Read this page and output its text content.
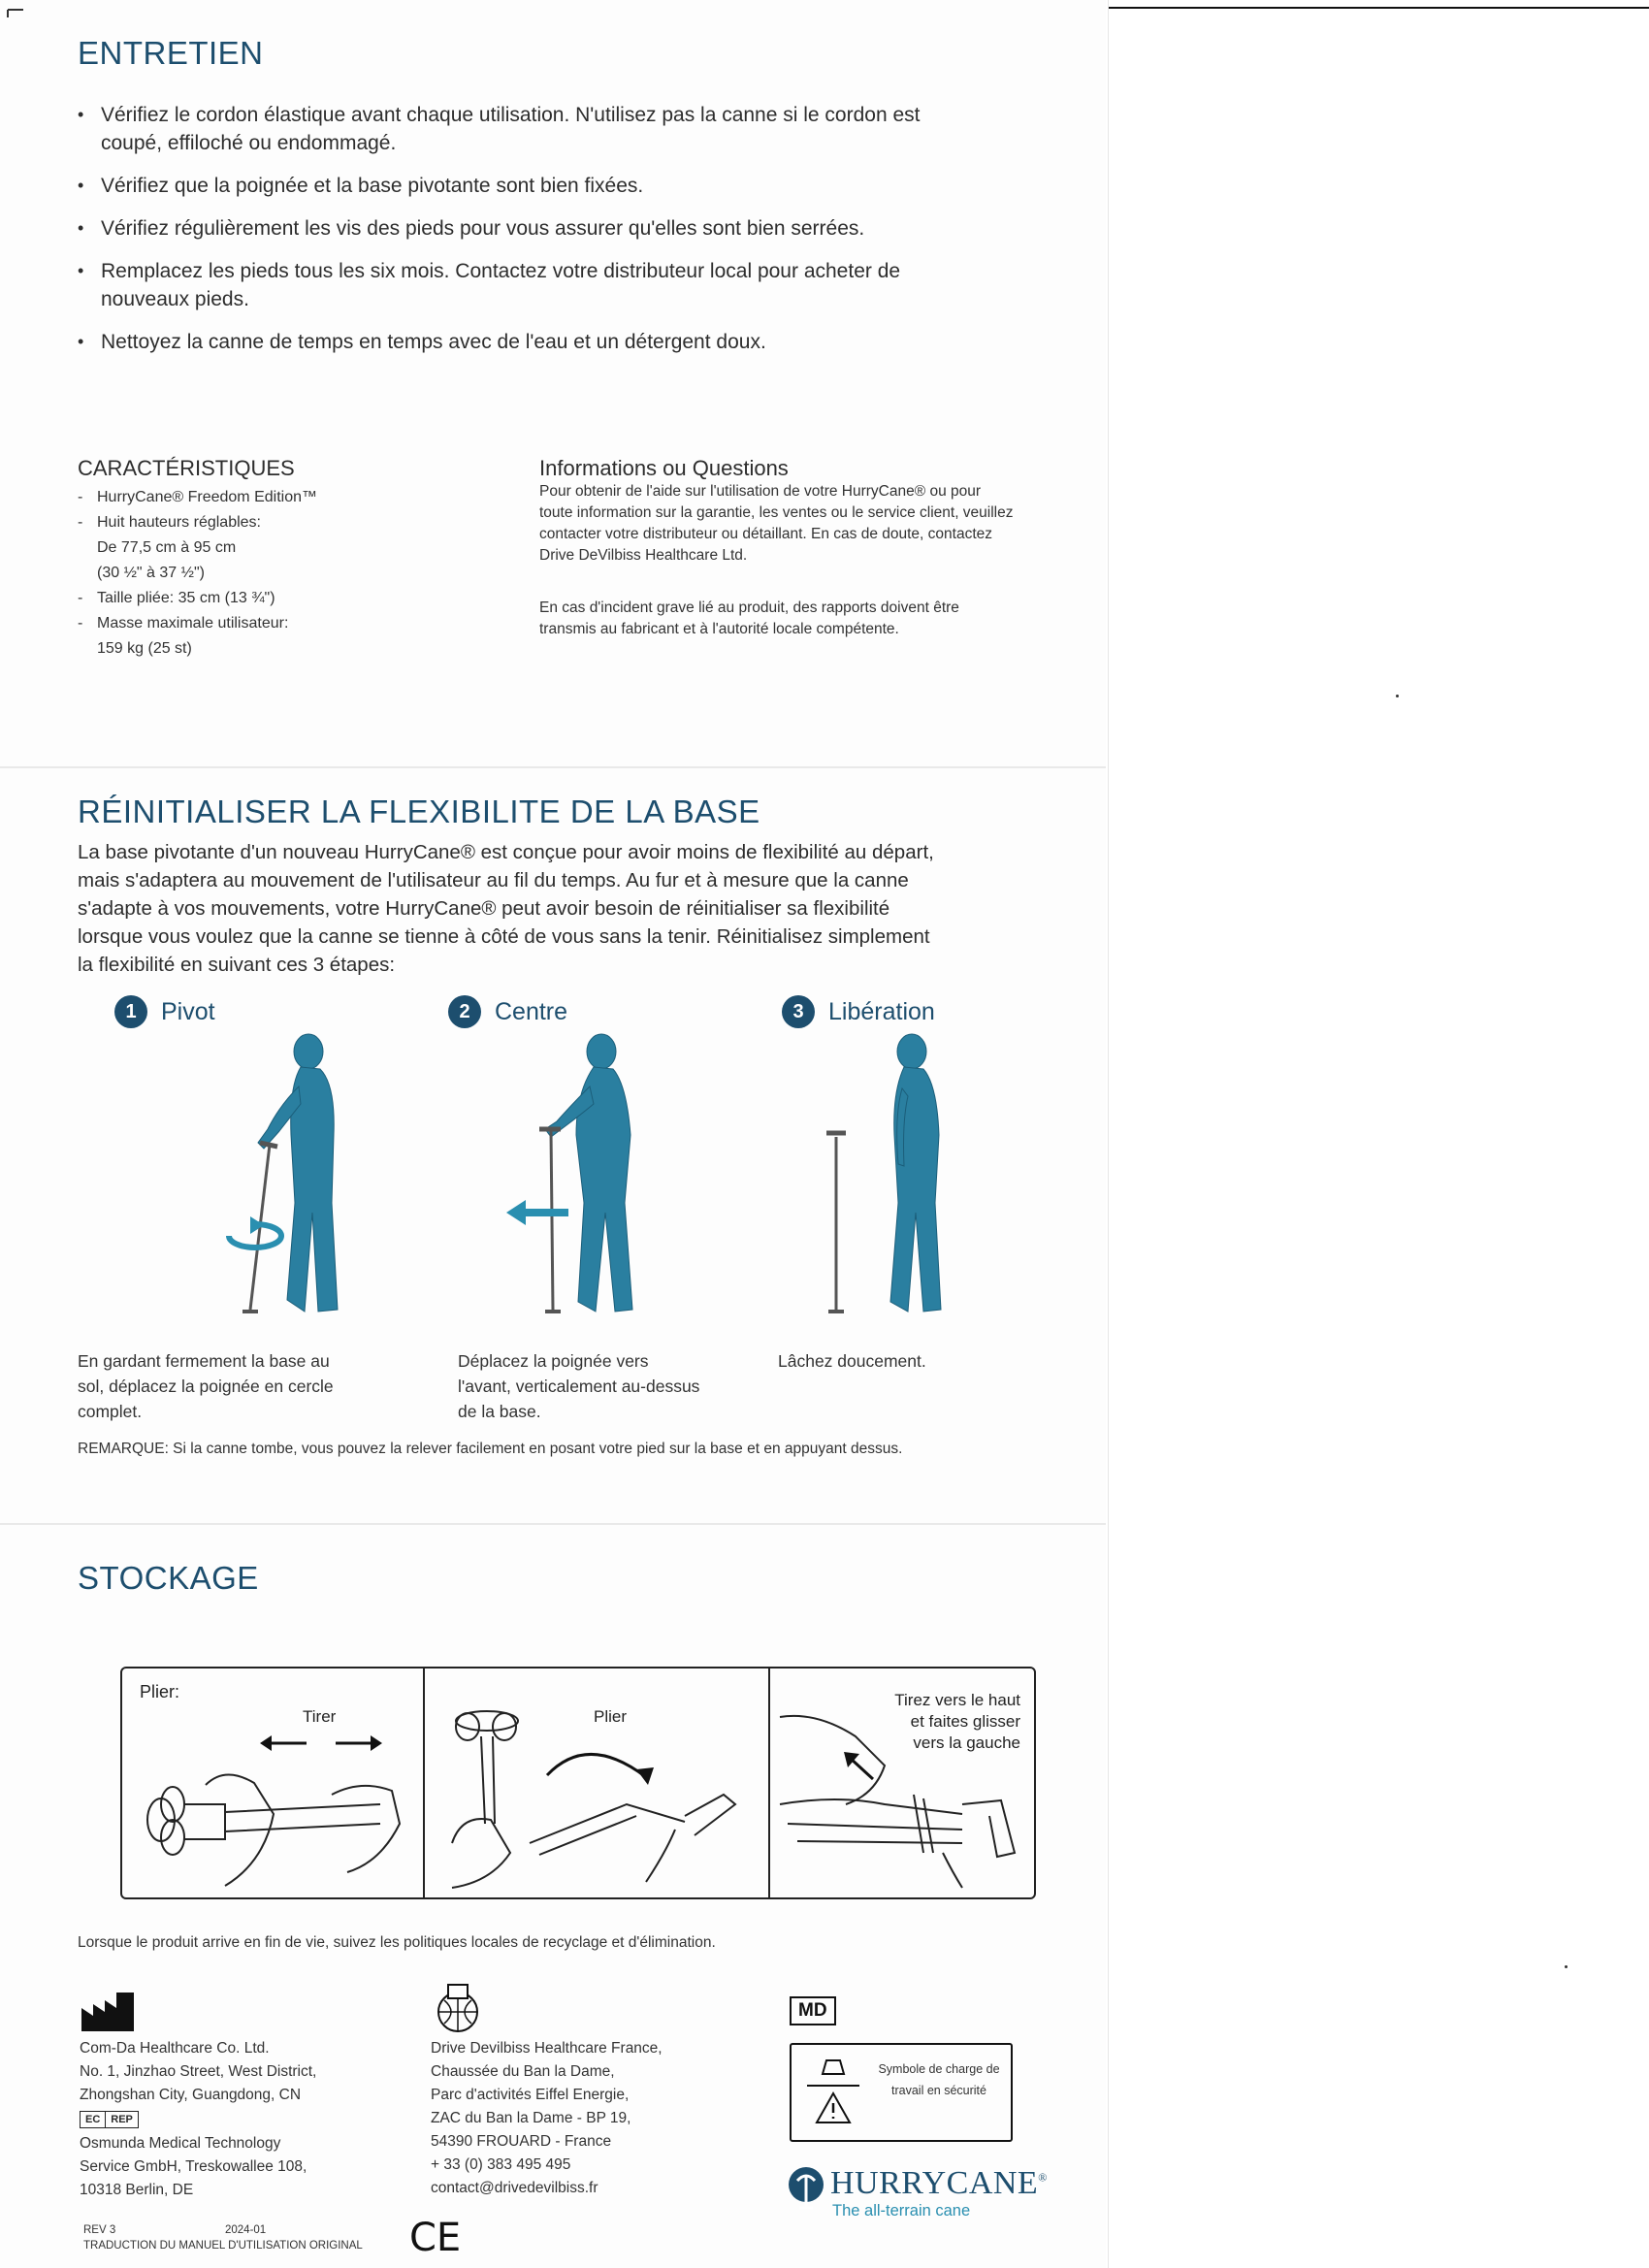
ENTRETIEN
• Vérifiez le cordon élastique avant chaque utilisation. N'utilisez pas la canne si le cordon est coupé, effiloché ou endommagé.
• Vérifiez que la poignée et la base pivotante sont bien fixées.
• Vérifiez régulièrement les vis des pieds pour vous assurer qu'elles sont bien serrées.
• Remplacez les pieds tous les six mois. Contactez votre distributeur local pour acheter de nouveaux pieds.
• Nettoyez la canne de temps en temps avec de l'eau et un détergent doux.
CARACTÉRISTIQUES
- HurryCane® Freedom Edition™
- Huit hauteurs réglables:
De 77,5 cm à 95 cm
(30 ½" à 37 ½")
- Taille pliée: 35 cm (13 ¾")
- Masse maximale utilisateur:
159 kg (25 st)
Informations ou Questions
Pour obtenir de l'aide sur l'utilisation de votre HurryCane® ou pour toute information sur la garantie, les ventes ou le service client, veuillez contacter votre distributeur ou détaillant. En cas de doute, contactez Drive DeVilbiss Healthcare Ltd.
En cas d'incident grave lié au produit, des rapports doivent être transmis au fabricant et à l'autorité locale compétente.
RÉINITIALISER LA FLEXIBILITE DE LA BASE
La base pivotante d'un nouveau HurryCane® est conçue pour avoir moins de flexibilité au départ, mais s'adaptera au mouvement de l'utilisateur au fil du temps. Au fur et à mesure que la canne s'adapte à vos mouvements, votre HurryCane® peut avoir besoin de réinitialiser sa flexibilité lorsque vous voulez que la canne se tienne à côté de vous sans la tenir. Réinitialisez simplement la flexibilité en suivant ces 3 étapes:
1	Pivot	2	Centre	3	Libération
En gardant fermement la base au sol, déplacez la poignée en cercle complet.
Déplacez la poignée vers l'avant, verticalement au-dessus de la base.
Lâchez doucement.
REMARQUE: Si la canne tombe, vous pouvez la relever facilement en posant votre pied sur la base et en appuyant dessus.
STOCKAGE
Plier:
Tirer	Plier
Tirez vers le haut et faites glisser vers la gauche
Lorsque le produit arrive en fin de vie, suivez les politiques locales de recyclage et d'élimination.
Com-Da Healthcare Co. Ltd.
No. 1, Jinzhao Street, West District,
Zhongshan City, Guangdong, CN
EC	REP
Osmunda Medical Technology
Service GmbH, Treskowallee 108,
10318 Berlin, DE
Drive Devilbiss Healthcare France,
Chaussée du Ban la Dame,
Parc d'activités Eiffel Energie,
ZAC du Ban la Dame - BP 19,
54390 FROUARD - France
+ 33 (0) 383 495 495
contact@drivedevilbiss.fr
MD
Symbole de charge de travail en sécurité
HURRYCANE®
The all-terrain cane
REV 3	2024-01
TRADUCTION DU MANUEL D'UTILISATION ORIGINAL CE
